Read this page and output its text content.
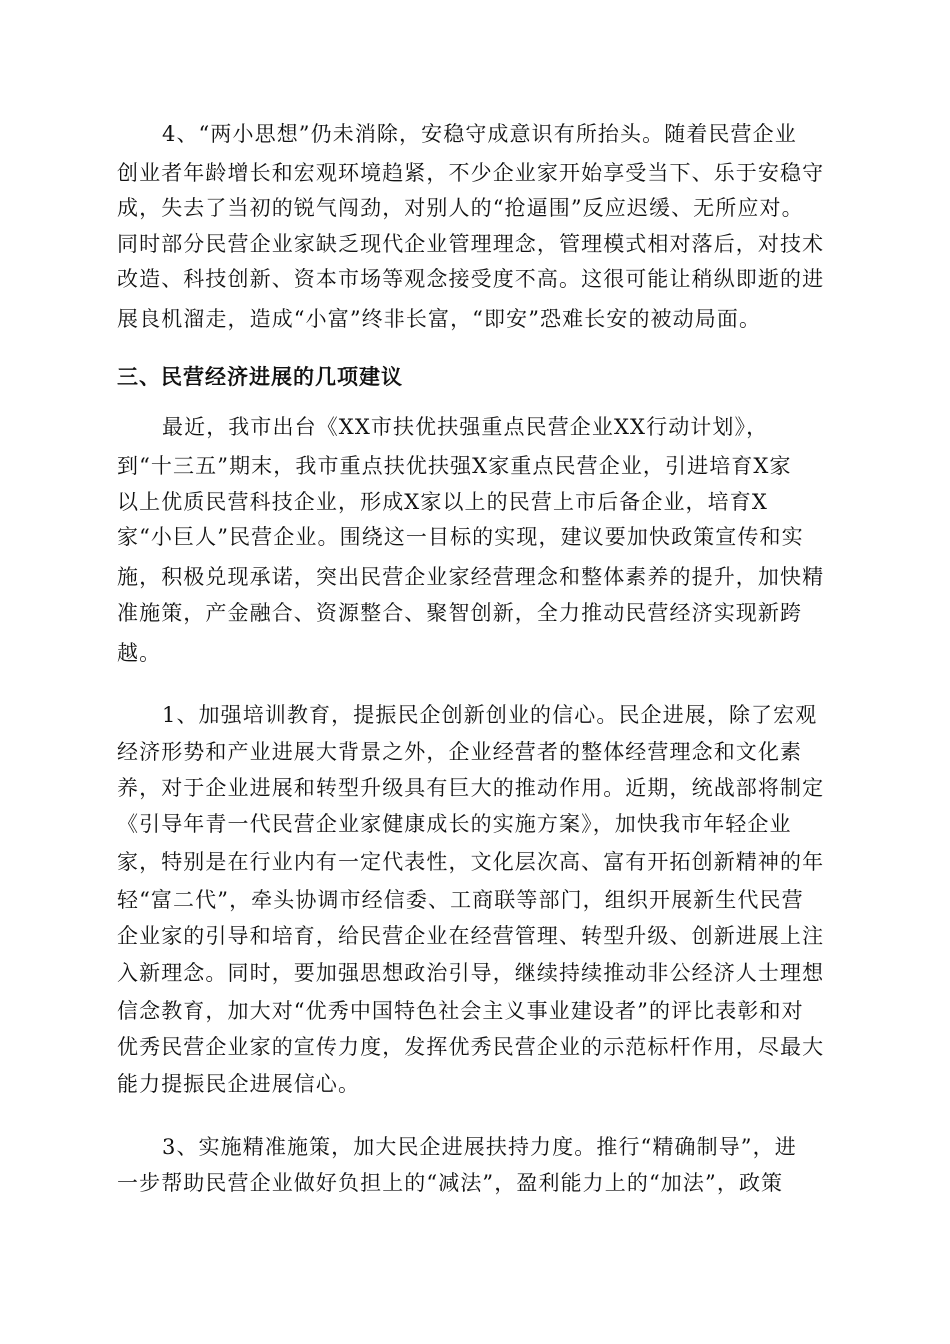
4、“两小思想”仍未消除，安稳守成意识有所抬头。随着民营企业
创业者年龄增长和宏观环境趋紧，不少企业家开始享受当下、乐于安稳守
成，失去了当初的锐气闯劲，对别人的“抢逼围”反应迟缓、无所应对。
同时部分民营企业家缺乏现代企业管理理念，管理模式相对落后，对技术
改造、科技创新、资本市场等观念接受度不高。这很可能让稍纵即逝的进
展良机溜走，造成“小富”终非长富，“即安”恐难长安的被动局面。
三、民营经济进展的几项建议
最近，我市出台《XX市扶优扶强重点民营企业XX行动计划》，
到“十三五”期末，我市重点扶优扶强X家重点民营企业，引进培育X家
以上优质民营科技企业，形成X家以上的民营上市后备企业，培育X
家“小巨人”民营企业。围绕这一目标的实现，建议要加快政策宣传和实
施，积极兑现承诺，突出民营企业家经营理念和整体素养的提升，加快精
准施策，产金融合、资源整合、聚智创新，全力推动民营经济实现新跨
越。
1、加强培训教育，提振民企创新创业的信心。民企进展，除了宏观
经济形势和产业进展大背景之外，企业经营者的整体经营理念和文化素
养，对于企业进展和转型升级具有巨大的推动作用。近期，统战部将制定
《引导年青一代民营企业家健康成长的实施方案》，加快我市年轻企业
家，特别是在行业内有一定代表性，文化层次高、富有开拓创新精神的年
轻“富二代”，牵头协调市经信委、工商联等部门，组织开展新生代民营
企业家的引导和培育，给民营企业在经营管理、转型升级、创新进展上注
入新理念。同时，要加强思想政治引导，继续持续推动非公经济人士理想
信念教育，加大对“优秀中国特色社会主义事业建设者”的评比表彰和对
优秀民营企业家的宣传力度，发挥优秀民营企业的示范标杆作用，尽最大
能力提振民企进展信心。
3、实施精准施策，加大民企进展扶持力度。推行“精确制导”，进
一步帮助民营企业做好负担上的“减法”，盈利能力上的“加法”，政策
